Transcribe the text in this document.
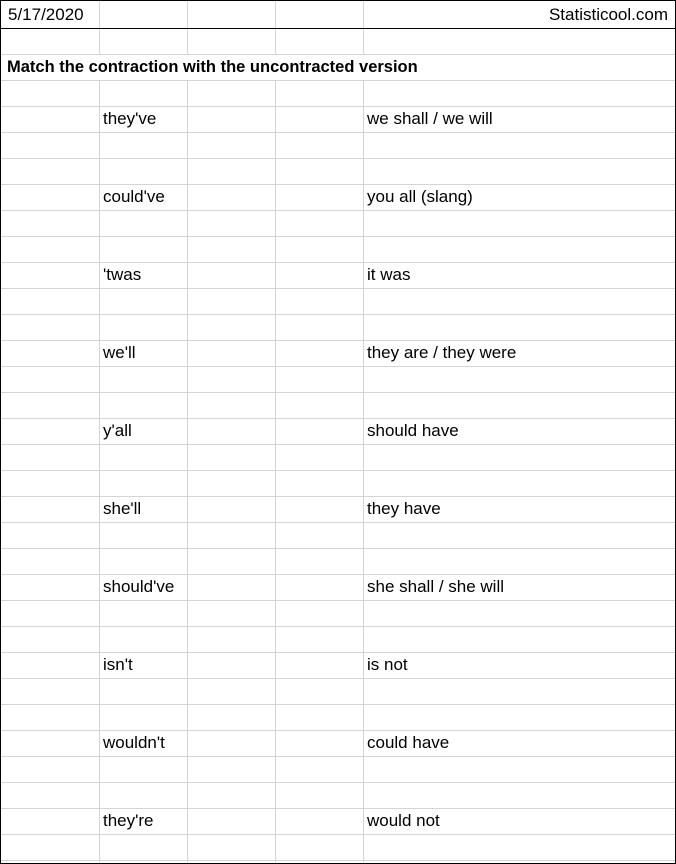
5/17/2020	Statisticool.com
Match the contraction with the uncontracted version
they've	we shall / we will
could've	you all (slang)
'twas	it was
we'll	they are / they were
y'all	should have
she'll	they have
should've	she shall / she will
isn't	is not
wouldn't	could have
they're	would not
